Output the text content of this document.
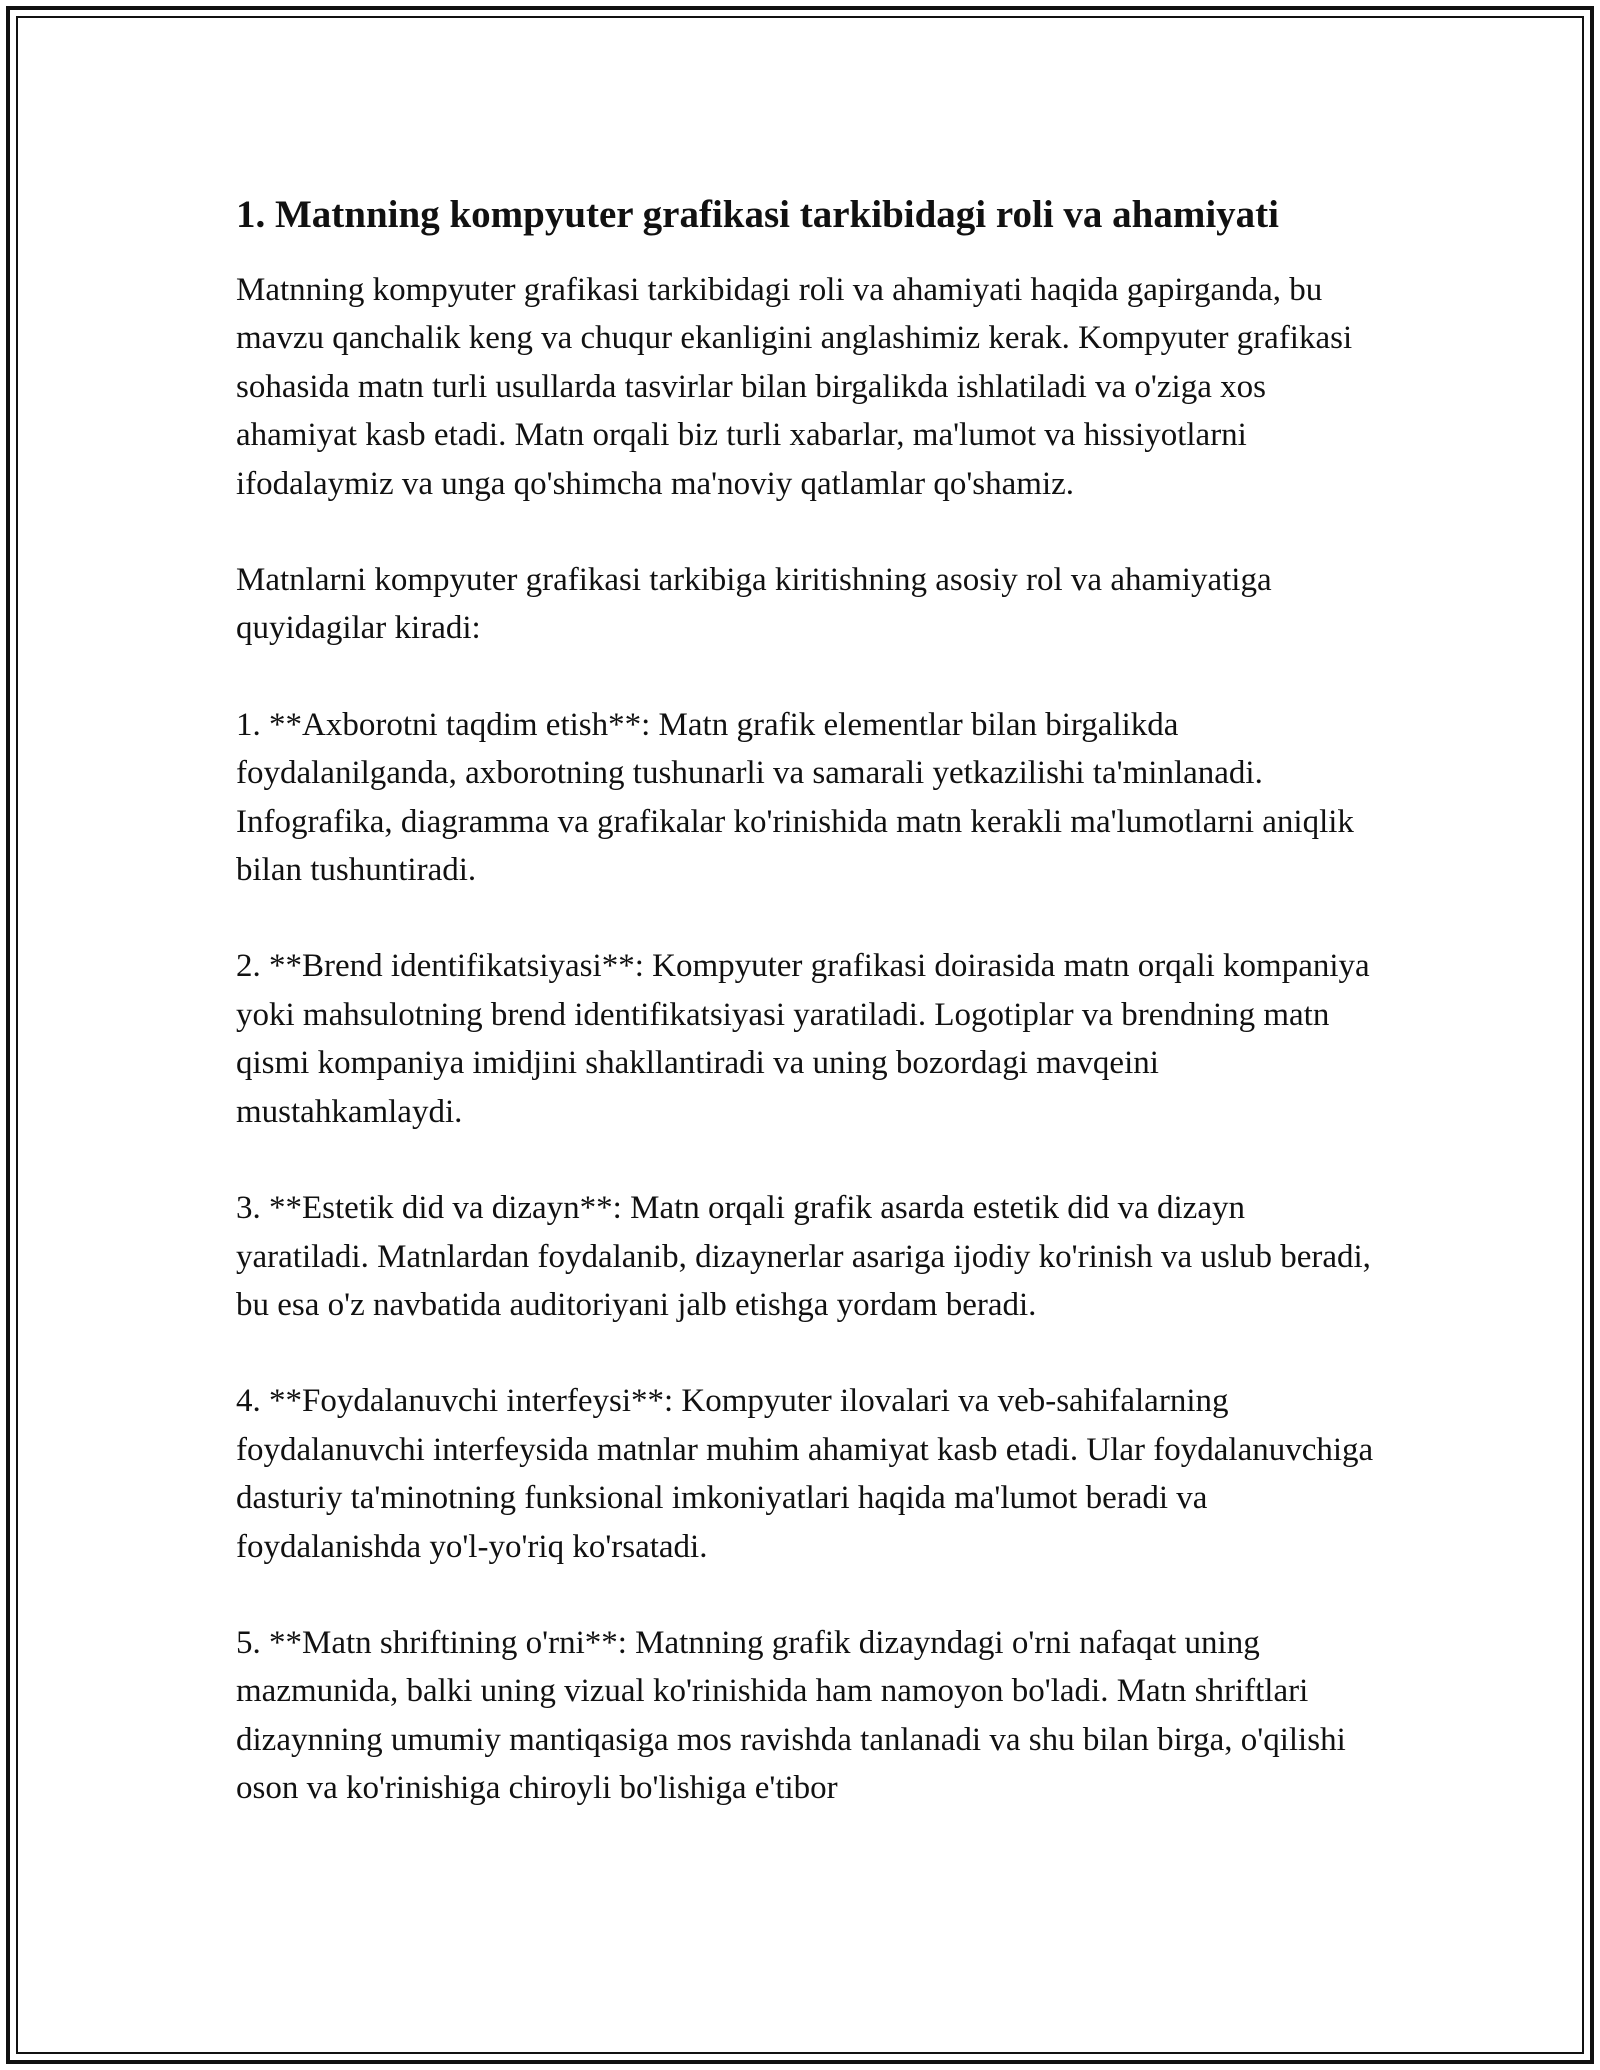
1. Matnning kompyuter grafikasi tarkibidagi roli va ahamiyati

Matnning kompyuter grafikasi tarkibidagi roli va ahamiyati haqida gapirganda, bu mavzu qanchalik keng va chuqur ekanligini anglashimiz kerak. Kompyuter grafikasi sohasida matn turli usullarda tasvirlar bilan birgalikda ishlatiladi va o'ziga xos ahamiyat kasb etadi. Matn orqali biz turli xabarlar, ma'lumot va hissiyotlarni ifodalaymiz va unga qo'shimcha ma'noviy qatlamlar qo'shamiz.

Matnlarni kompyuter grafikasi tarkibiga kiritishning asosiy rol va ahamiyatiga quyidagilar kiradi:

1. **Axborotni taqdim etish**: Matn grafik elementlar bilan birgalikda foydalanilganda, axborotning tushunarli va samarali yetkazilishi ta'minlanadi. Infografika, diagramma va grafikalar ko'rinishida matn kerakli ma'lumotlarni aniqlik bilan tushuntiradi.

2. **Brend identifikatsiyasi**: Kompyuter grafikasi doirasida matn orqali kompaniya yoki mahsulotning brend identifikatsiyasi yaratiladi. Logotiplar va brendning matn qismi kompaniya imidjini shakllantiradi va uning bozordagi mavqeini mustahkamlaydi.

3. **Estetik did va dizayn**: Matn orqali grafik asarda estetik did va dizayn yaratiladi. Matnlardan foydalanib, dizaynerlar asariga ijodiy ko'rinish va uslub beradi, bu esa o'z navbatida auditoriyani jalb etishga yordam beradi.

4. **Foydalanuvchi interfeysi**: Kompyuter ilovalari va veb-sahifalarning foydalanuvchi interfeysida matnlar muhim ahamiyat kasb etadi. Ular foydalanuvchiga dasturiy ta'minotning funksional imkoniyatlari haqida ma'lumot beradi va foydalanishda yo'l-yo'riq ko'rsatadi.

5. **Matn shriftining o'rni**: Matnning grafik dizayndagi o'rni nafaqat uning mazmunida, balki uning vizual ko'rinishida ham namoyon bo'ladi. Matn shriftlari dizaynning umumiy mantiqasiga mos ravishda tanlanadi va shu bilan birga, o'qilishi oson va ko'rinishiga chiroyli bo'lishiga e'tibor
